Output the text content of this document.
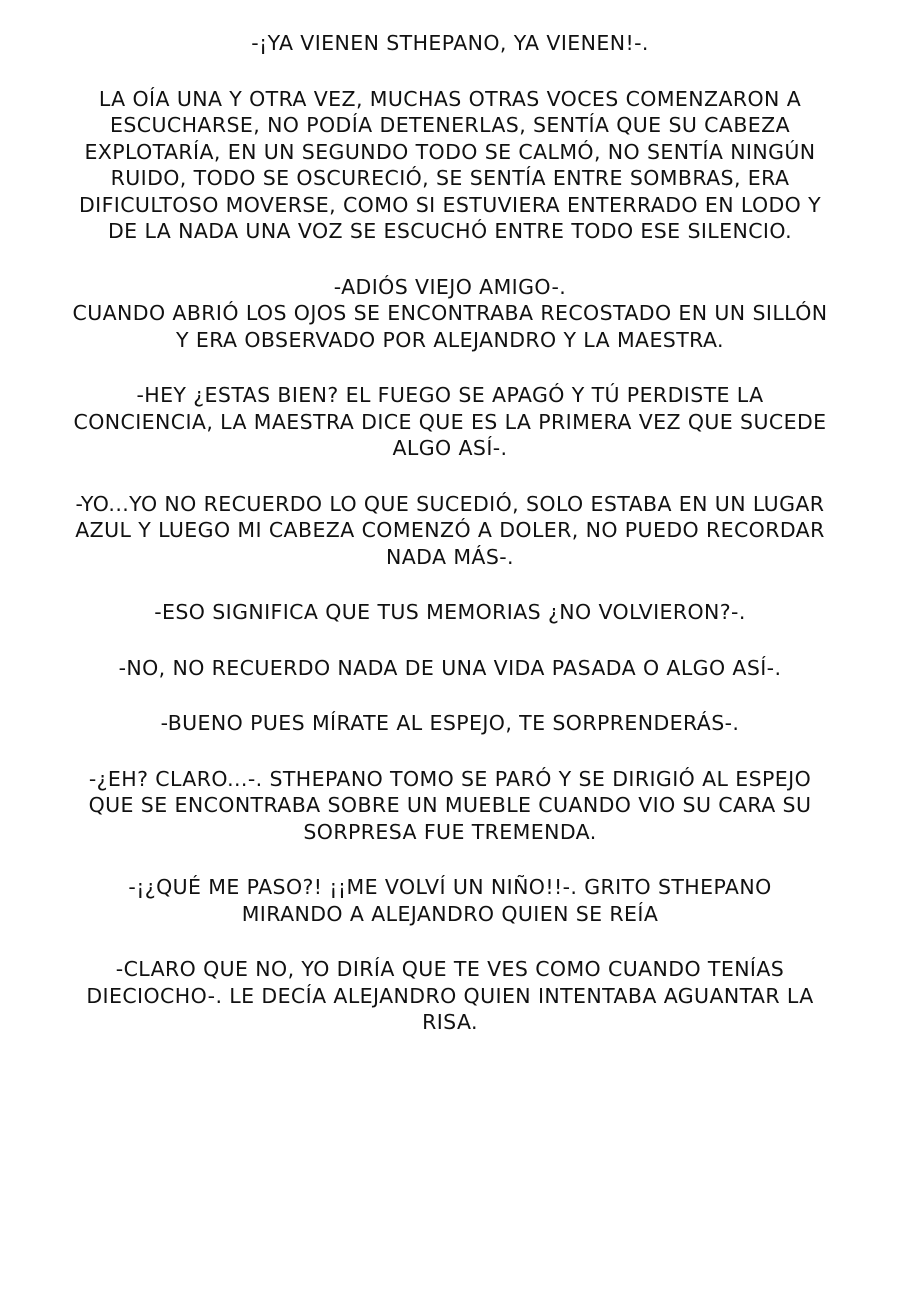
-¡YA VIENEN STHEPANO, YA VIENEN!-.

LA OÍA UNA Y OTRA VEZ, MUCHAS OTRAS VOCES COMENZARON A
ESCUCHARSE, NO PODÍA DETENERLAS, SENTÍA QUE SU CABEZA
EXPLOTARÍA, EN UN SEGUNDO TODO SE CALMÓ, NO SENTÍA NINGÚN
RUIDO, TODO SE OSCURECIÓ, SE SENTÍA ENTRE SOMBRAS, ERA
DIFICULTOSO MOVERSE, COMO SI ESTUVIERA ENTERRADO EN LODO Y
DE LA NADA UNA VOZ SE ESCUCHÓ ENTRE TODO ESE SILENCIO.

-ADIÓS VIEJO AMIGO-.

CUANDO ABRIÓ LOS OJOS SE ENCONTRABA RECOSTADO EN UN SILLÓN
Y ERA OBSERVADO POR ALEJANDRO Y LA MAESTRA.

-HEY ¿ESTAS BIEN? EL FUEGO SE APAGÓ Y TÚ PERDISTE LA
CONCIENCIA, LA MAESTRA DICE QUE ES LA PRIMERA VEZ QUE SUCEDE
ALGO ASÍ-.

-YO...YO NO RECUERDO LO QUE SUCEDIÓ, SOLO ESTABA EN UN LUGAR
AZUL Y LUEGO MI CABEZA COMENZÓ A DOLER, NO PUEDO RECORDAR
NADA MÁS-.

-ESO SIGNIFICA QUE TUS MEMORIAS ¿NO VOLVIERON?-.

-NO, NO RECUERDO NADA DE UNA VIDA PASADA O ALGO ASÍ-.

-BUENO PUES MÍRATE AL ESPEJO, TE SORPRENDERÁS-.

-¿EH? CLARO...-. STHEPANO TOMO SE PARÓ Y SE DIRIGIÓ AL ESPEJO
QUE SE ENCONTRABA SOBRE UN MUEBLE CUANDO VIO SU CARA SU
SORPRESA FUE TREMENDA.

-¡¿QUÉ ME PASO?! ¡¡ME VOLVÍ UN NIÑO!!-. GRITO STHEPANO
MIRANDO A ALEJANDRO QUIEN SE REÍA

-CLARO QUE NO, YO DIRÍA QUE TE VES COMO CUANDO TENÍAS
DIECIOCHO-. LE DECÍA ALEJANDRO QUIEN INTENTABA AGUANTAR LA
RISA.
